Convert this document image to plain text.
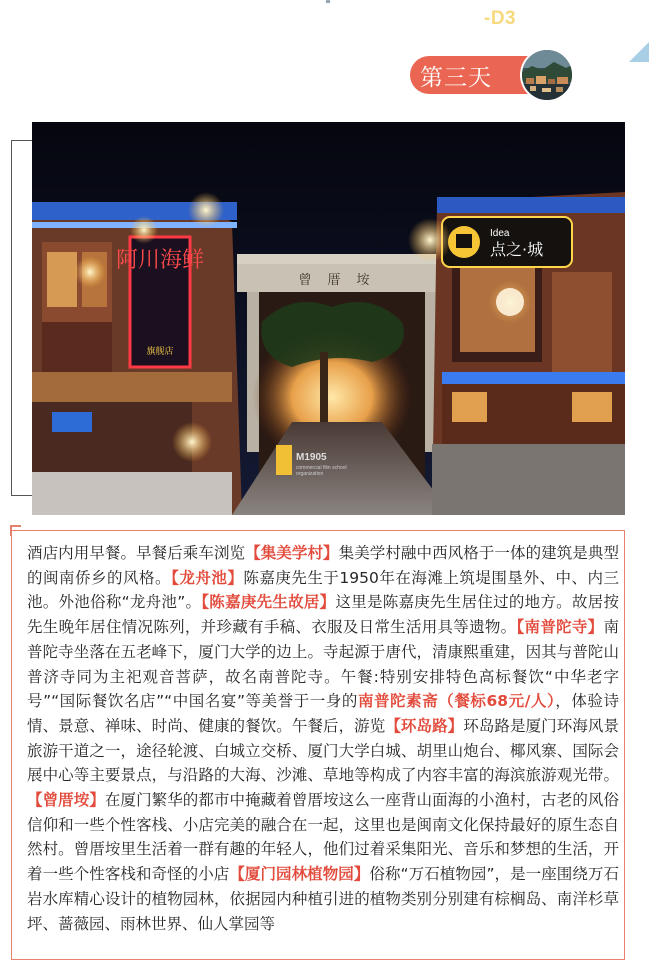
-D3
第三天
阿川海鲜
旗舰店
曾厝垵
Idea
点之·城
M1905
commercial film school
organization
酒店内用早餐。早餐后乘车浏览【集美学村】集美学村融中西风格于一体的建筑是典型的闽南侨乡的风格。【龙舟池】陈嘉庚先生于1950年在海滩上筑堤围垦外、中、内三池。外池俗称“龙舟池”。【陈嘉庚先生故居】这里是陈嘉庚先生居住过的地方。故居按先生晚年居住情况陈列，并珍藏有手稿、衣服及日常生活用具等遗物。【南普陀寺】南普陀寺坐落在五老峰下，厦门大学的边上。寺起源于唐代，清康熙重建，因其与普陀山普济寺同为主祀观音菩萨，故名南普陀寺。午餐:特别安排特色高标餐饮“中华老字号”“国际餐饮名店”“中国名宴”等美誉于一身的南普陀素斋（餐标68元/人），体验诗情、景意、禅味、时尚、健康的餐饮。午餐后，游览【环岛路】环岛路是厦门环海风景旅游干道之一，途径轮渡、白城立交桥、厦门大学白城、胡里山炮台、椰风寨、国际会展中心等主要景点，与沿路的大海、沙滩、草地等构成了内容丰富的海滨旅游观光带。【曾厝垵】在厦门繁华的都市中掩藏着曾厝垵这么一座背山面海的小渔村，古老的风俗信仰和一些个性客栈、小店完美的融合在一起，这里也是闽南文化保持最好的原生态自然村。曾厝垵里生活着一群有趣的年轻人，他们过着采集阳光、音乐和梦想的生活，开着一些个性客栈和奇怪的小店【厦门园林植物园】俗称“万石植物园”，是一座围绕万石岩水库精心设计的植物园林，依据园内种植引进的植物类别分别建有棕榈岛、南洋杉草坪、蔷薇园、雨林世界、仙人掌园等
